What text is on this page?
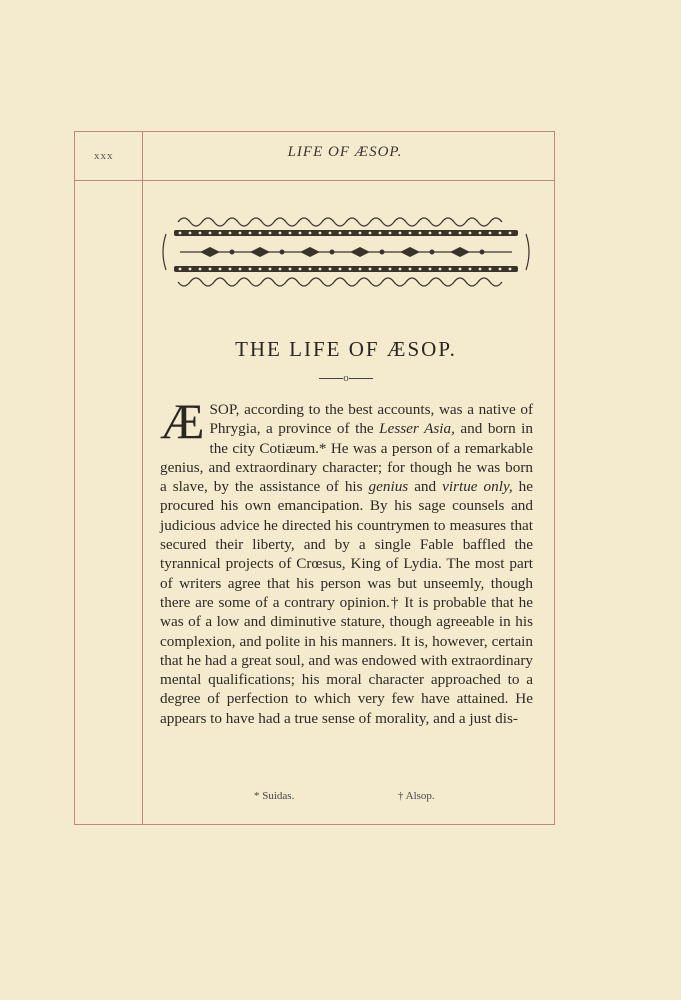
xxx	LIFE OF ÆSOP.
THE LIFE OF ÆSOP.
o
ÆSOP, according to the best accounts, was a native of Phrygia, a province of the Lesser Asia, and born in the city Cotiæum.* He was a person of a remarkable genius, and extraordinary character; for though he was born a slave, by the assistance of his genius and virtue only, he procured his own emancipation. By his sage counsels and judicious advice he directed his countrymen to measures that secured their liberty, and by a single Fable baffled the tyrannical projects of Crœsus, King of Lydia. The most part of writers agree that his person was but unseemly, though there are some of a contrary opinion.† It is probable that he was of a low and diminutive stature, though agreeable in his complexion, and polite in his manners. It is, however, certain that he had a great soul, and was endowed with extraordinary mental qualifications; his moral character approached to a degree of perfection to which very few have attained. He appears to have had a true sense of morality, and a just dis-
* Suidas.	† Alsop.
